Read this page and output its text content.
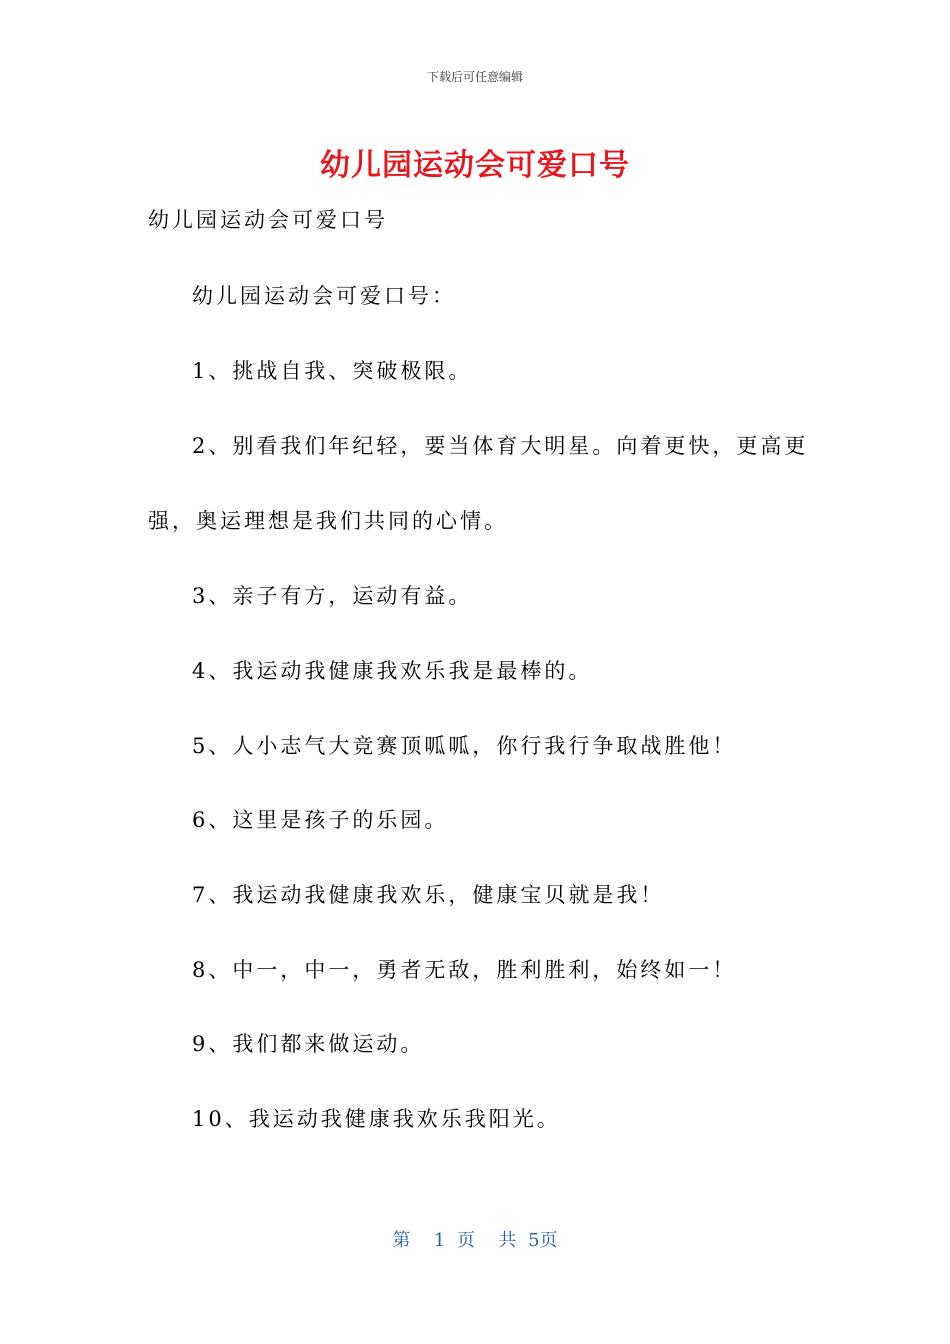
下载后可任意编辑
幼儿园运动会可爱口号
幼儿园运动会可爱口号
幼儿园运动会可爱口号：
1、挑战自我、突破极限。
2、别看我们年纪轻，要当体育大明星。向着更快，更高更
强，奥运理想是我们共同的心情。
3、亲子有方，运动有益。
4、我运动我健康我欢乐我是最棒的。
5、人小志气大竞赛顶呱呱，你行我行争取战胜他！
6、这里是孩子的乐园。
7、我运动我健康我欢乐，健康宝贝就是我！
8、中一，中一，勇者无敌，胜利胜利，始终如一！
9、我们都来做运动。
10、我运动我健康我欢乐我阳光。
第  1 页  共 5页
